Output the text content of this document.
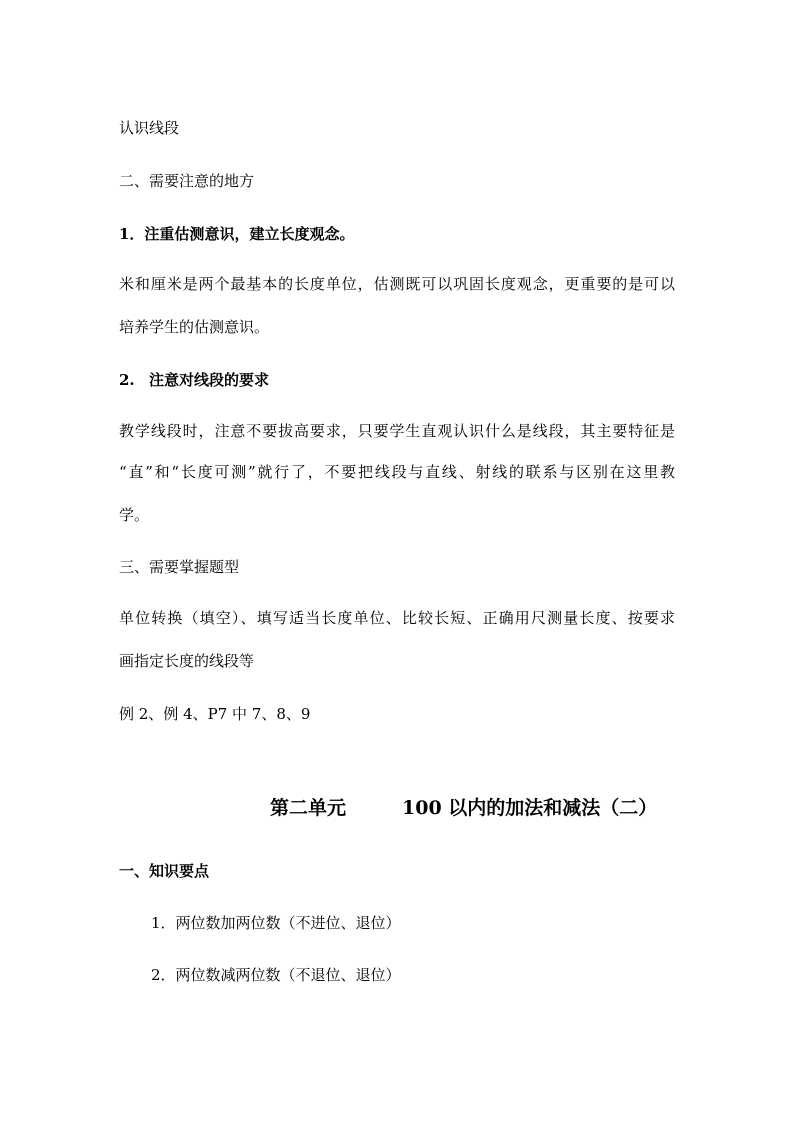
认识线段
二、需要注意的地方
1．注重估测意识，建立长度观念。
米和厘米是两个最基本的长度单位，估测既可以巩固长度观念，更重要的是可以
培养学生的估测意识。
2. 注意对线段的要求
教学线段时，注意不要拔高要求，只要学生直观认识什么是线段，其主要特征是
“直”和“长度可测”就行了，不要把线段与直线、射线的联系与区别在这里教
学。
三、需要掌握题型
单位转换（填空）、填写适当长度单位、比较长短、正确用尺测量长度、按要求
画指定长度的线段等
例 2、例 4、P7 中 7、8、9
第二单元	100 以内的加法和减法（二）
一、知识要点
1．两位数加两位数（不进位、退位）
2．两位数减两位数（不退位、退位）
